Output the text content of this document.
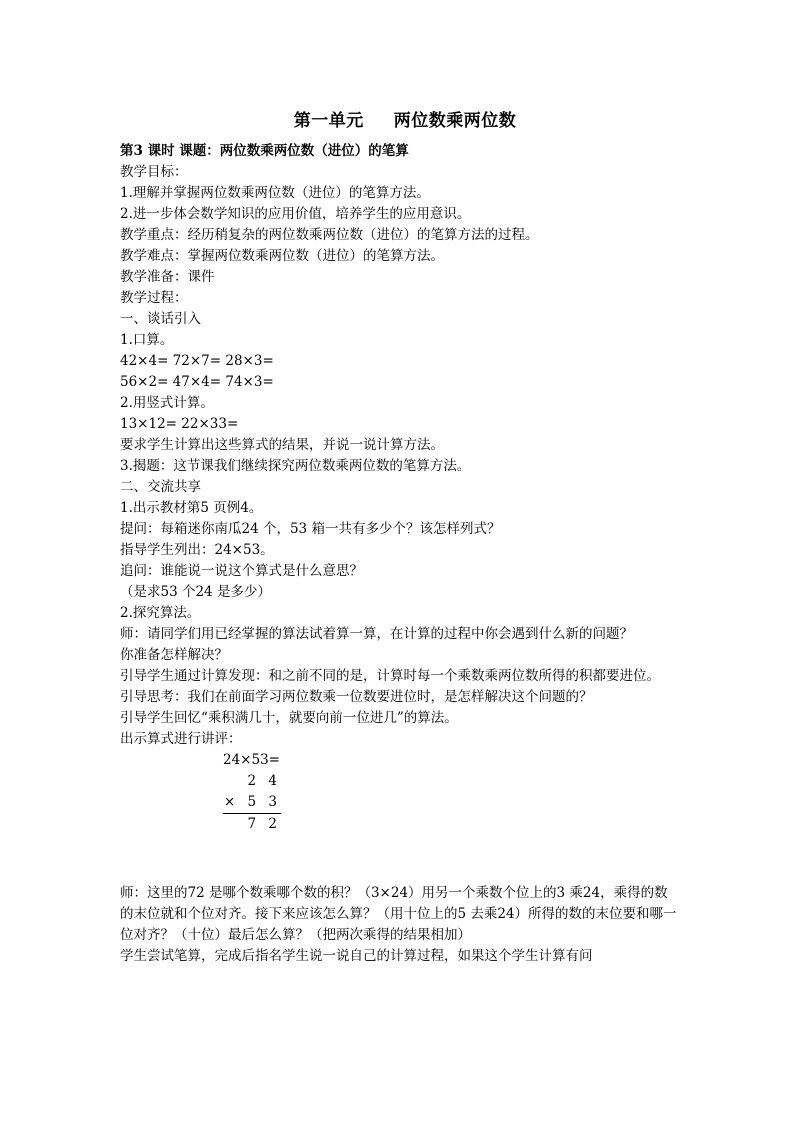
第一单元 两位数乘两位数
第3 课时 课题：两位数乘两位数（进位）的笔算
教学目标：
1.理解并掌握两位数乘两位数（进位）的笔算方法。
2.进一步体会数学知识的应用价值，培养学生的应用意识。
教学重点：经历稍复杂的两位数乘两位数（进位）的笔算方法的过程。
教学难点：掌握两位数乘两位数（进位）的笔算方法。
教学准备：课件
教学过程：
一、谈话引入
1.口算。
42×4= 72×7= 28×3=
56×2= 47×4= 74×3=
2.用竖式计算。
13×12= 22×33=
要求学生计算出这些算式的结果，并说一说计算方法。
3.揭题：这节课我们继续探究两位数乘两位数的笔算方法。
二、交流共享
1.出示教材第5 页例4。
提问：每箱迷你南瓜24 个，53 箱一共有多少个？该怎样列式？
指导学生列出：24×53。
追问：谁能说一说这个算式是什么意思？
（是求53 个24 是多少）
2.探究算法。
师：请同学们用已经掌握的算法试着算一算，在计算的过程中你会遇到什么新的问题？
你准备怎样解决？
引导学生通过计算发现：和之前不同的是，计算时每一个乘数乘两位数所得的积都要进位。
引导思考：我们在前面学习两位数乘一位数要进位时，是怎样解决这个问题的？
引导学生回忆“乘积满几十，就要向前一位进几”的算法。
出示算式进行讲评：
24×53=
2 4
× 5 3
7 2
师：这里的72 是哪个数乘哪个数的积？（3×24）用另一个乘数个位上的3 乘24，乘得的数的末位就和个位对齐。接下来应该怎么算？（用十位上的5 去乘24）所得的数的末位要和哪一位对齐？（十位）最后怎么算？（把两次乘得的结果相加）
学生尝试笔算，完成后指名学生说一说自己的计算过程，如果这个学生计算有问
